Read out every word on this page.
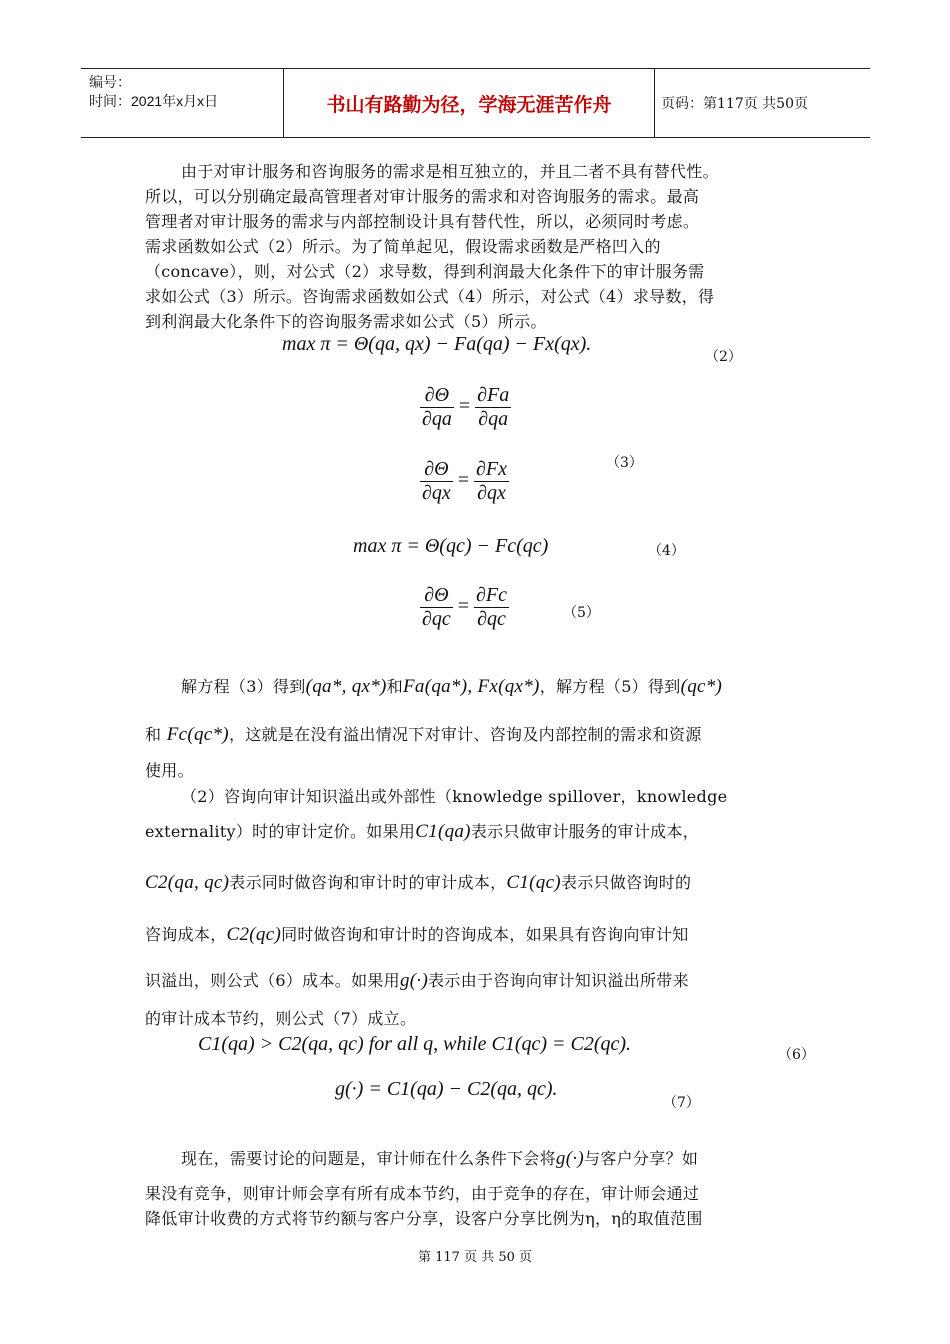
编号：
时间：2021年x月x日	书山有路勤为径，学海无涯苦作舟	页码：第117页 共50页
由于对审计服务和咨询服务的需求是相互独立的，并且二者不具有替代性。
所以，可以分别确定最高管理者对审计服务的需求和对咨询服务的需求。最高
管理者对审计服务的需求与内部控制设计具有替代性，所以，必须同时考虑。
需求函数如公式（2）所示。为了简单起见，假设需求函数是严格凹入的
（concave），则，对公式（2）求导数，得到利润最大化条件下的审计服务需
求如公式（3）所示。咨询需求函数如公式（4）所示，对公式（4）求导数，得
到利润最大化条件下的咨询服务需求如公式（5）所示。
max π = Θ(qa, qx) − Fa(qa) − Fx(qx).
（2）
$\frac{\partial\Theta}{\partial qa} = \frac{\partial Fa}{\partial qa}$
$\frac{\partial\Theta}{\partial qx} = \frac{\partial Fx}{\partial qx}$	（3）
max π = Θ(qc) − Fc(qc)	（4）
$\frac{\partial\Theta}{\partial qc} = \frac{\partial Fc}{\partial qc}$	（5）
解方程（3）得到(qa*, qx*)和Fa(qa*), Fx(qx*)，解方程（5）得到(qc*)
和 Fc(qc*)，这就是在没有溢出情况下对审计、咨询及内部控制的需求和资源
使用。
（2）咨询向审计知识溢出或外部性（knowledge spillover，knowledge
externality）时的审计定价。如果用C1(qa)表示只做审计服务的审计成本，
C2(qa, qc)表示同时做咨询和审计时的审计成本，C1(qc)表示只做咨询时的
咨询成本，C2(qc)同时做咨询和审计时的咨询成本，如果具有咨询向审计知
识溢出，则公式（6）成本。如果用g(·)表示由于咨询向审计知识溢出所带来
的审计成本节约，则公式（7）成立。
C1(qa) > C2(qa, qc) for all q, while C1(qc) = C2(qc).	（6）
g(·) = C1(qa) − C2(qa, qc).
（7）
现在，需要讨论的问题是，审计师在什么条件下会将g(·)与客户分享？如
果没有竞争，则审计师会享有所有成本节约，由于竞争的存在，审计师会通过
降低审计收费的方式将节约额与客户分享，设客户分享比例为η，η的取值范围
第 117 页 共 50 页
